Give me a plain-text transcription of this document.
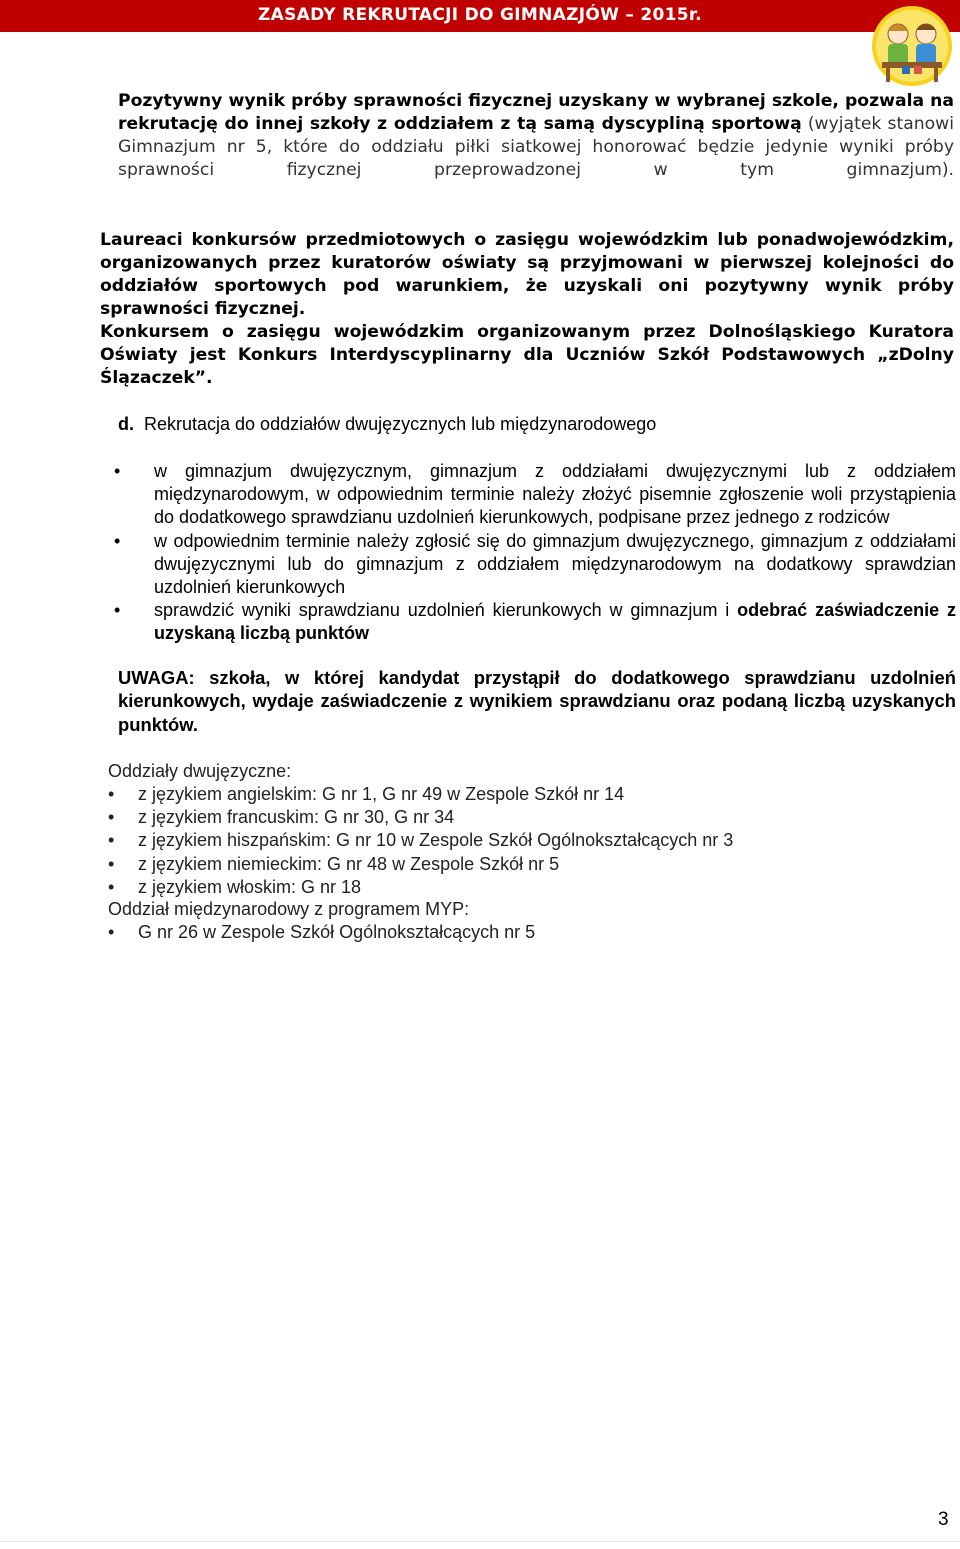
ZASADY REKRUTACJI DO GIMNAZJÓW – 2015r.
Pozytywny wynik próby sprawności fizycznej uzyskany w wybranej szkole, pozwala na rekrutację do innej szkoły z oddziałem z tą samą dyscypliną sportową (wyjątek stanowi Gimnazjum nr 5, które do oddziału piłki siatkowej honorować będzie jedynie wyniki próby sprawności fizycznej przeprowadzonej w tym gimnazjum).
Laureaci konkursów przedmiotowych o zasięgu wojewódzkim lub ponadwojewódzkim, organizowanych przez kuratorów oświaty są przyjmowani w pierwszej kolejności do oddziałów sportowych pod warunkiem, że uzyskali oni pozytywny wynik próby sprawności fizycznej.
Konkursem o zasięgu wojewódzkim organizowanym przez Dolnośląskiego Kuratora Oświaty jest Konkurs Interdyscyplinarny dla Uczniów Szkół Podstawowych „zDolny Ślązaczek”.
d. Rekrutacja do oddziałów dwujęzycznych lub międzynarodowego
• w gimnazjum dwujęzycznym, gimnazjum z oddziałami dwujęzycznymi lub z oddziałem międzynarodowym, w odpowiednim terminie należy złożyć pisemnie zgłoszenie woli przystąpienia do dodatkowego sprawdzianu uzdolnień kierunkowych, podpisane przez jednego z rodziców
• w odpowiednim terminie należy zgłosić się do gimnazjum dwujęzycznego, gimnazjum z oddziałami dwujęzycznymi lub do gimnazjum z oddziałem międzynarodowym na dodatkowy sprawdzian uzdolnień kierunkowych
• sprawdzić wyniki sprawdzianu uzdolnień kierunkowych w gimnazjum i odebrać zaświadczenie z uzyskaną liczbą punktów
UWAGA: szkoła, w której kandydat przystąpił do dodatkowego sprawdzianu uzdolnień kierunkowych, wydaje zaświadczenie z wynikiem sprawdzianu oraz podaną liczbą uzyskanych punktów.
Oddziały dwujęzyczne:
• z językiem angielskim: G nr 1, G nr 49 w Zespole Szkół nr 14
• z językiem francuskim: G nr 30, G nr 34
• z językiem hiszpańskim: G nr 10 w Zespole Szkół Ogólnokształcących nr 3
• z językiem niemieckim: G nr 48 w Zespole Szkół nr 5
• z językiem włoskim: G nr 18
Oddział międzynarodowy z programem MYP:
• G nr 26 w Zespole Szkół Ogólnokształcących nr 5
3
